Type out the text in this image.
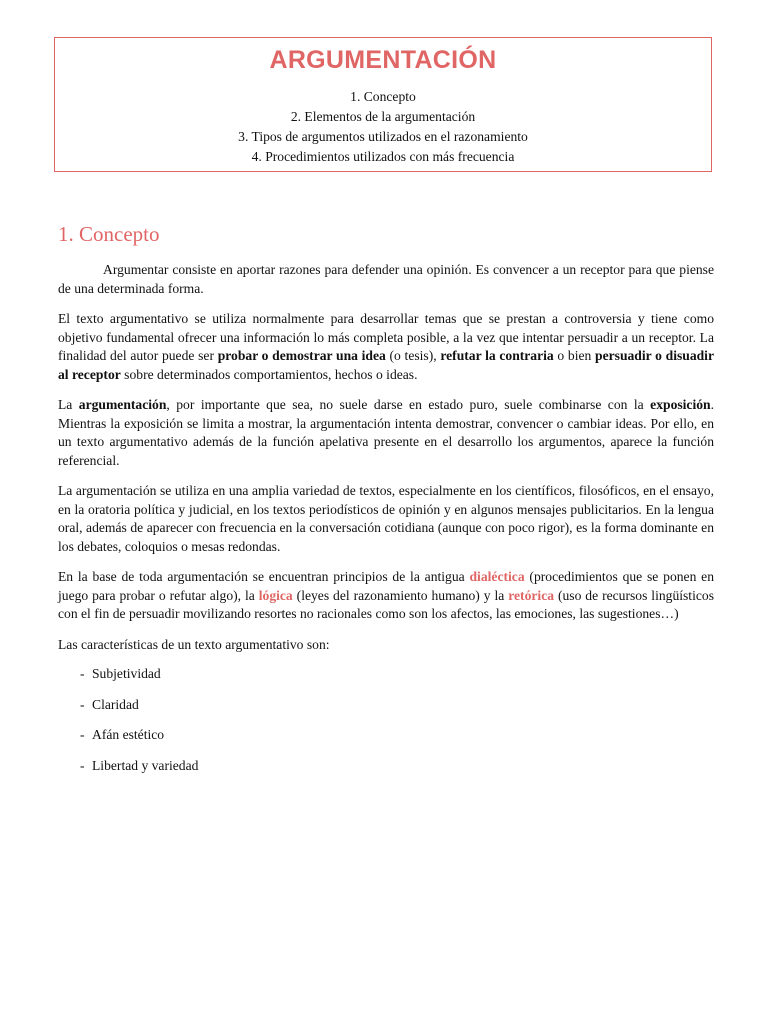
ARGUMENTACIÓN
1. Concepto
2. Elementos de la argumentación
3. Tipos de argumentos utilizados en el razonamiento
4. Procedimientos utilizados con más frecuencia
1. Concepto

Argumentar consiste en aportar razones para defender una opinión. Es convencer a un receptor para que piense de una determinada forma.

El texto argumentativo se utiliza normalmente para desarrollar temas que se prestan a controversia y tiene como objetivo fundamental ofrecer una información lo más completa posible, a la vez que intentar persuadir a un receptor. La finalidad del autor puede ser probar o demostrar una idea (o tesis), refutar la contraria o bien persuadir o disuadir al receptor sobre determinados comportamientos, hechos o ideas.

La argumentación, por importante que sea, no suele darse en estado puro, suele combinarse con la exposición. Mientras la exposición se limita a mostrar, la argumentación intenta demostrar, convencer o cambiar ideas. Por ello, en un texto argumentativo además de la función apelativa presente en el desarrollo los argumentos, aparece la función referencial.

La argumentación se utiliza en una amplia variedad de textos, especialmente en los científicos, filosóficos, en el ensayo, en la oratoria política y judicial, en los textos periodísticos de opinión y en algunos mensajes publicitarios. En la lengua oral, además de aparecer con frecuencia en la conversación cotidiana (aunque con poco rigor), es la forma dominante en los debates, coloquios o mesas redondas.

En la base de toda argumentación se encuentran principios de la antigua dialéctica (procedimientos que se ponen en juego para probar o refutar algo), la lógica (leyes del razonamiento humano) y la retórica (uso de recursos lingüísticos con el fin de persuadir movilizando resortes no racionales como son los afectos, las emociones, las sugestiones…)

Las características de un texto argumentativo son:

- Subjetividad
- Claridad
- Afán estético
- Libertad y variedad
